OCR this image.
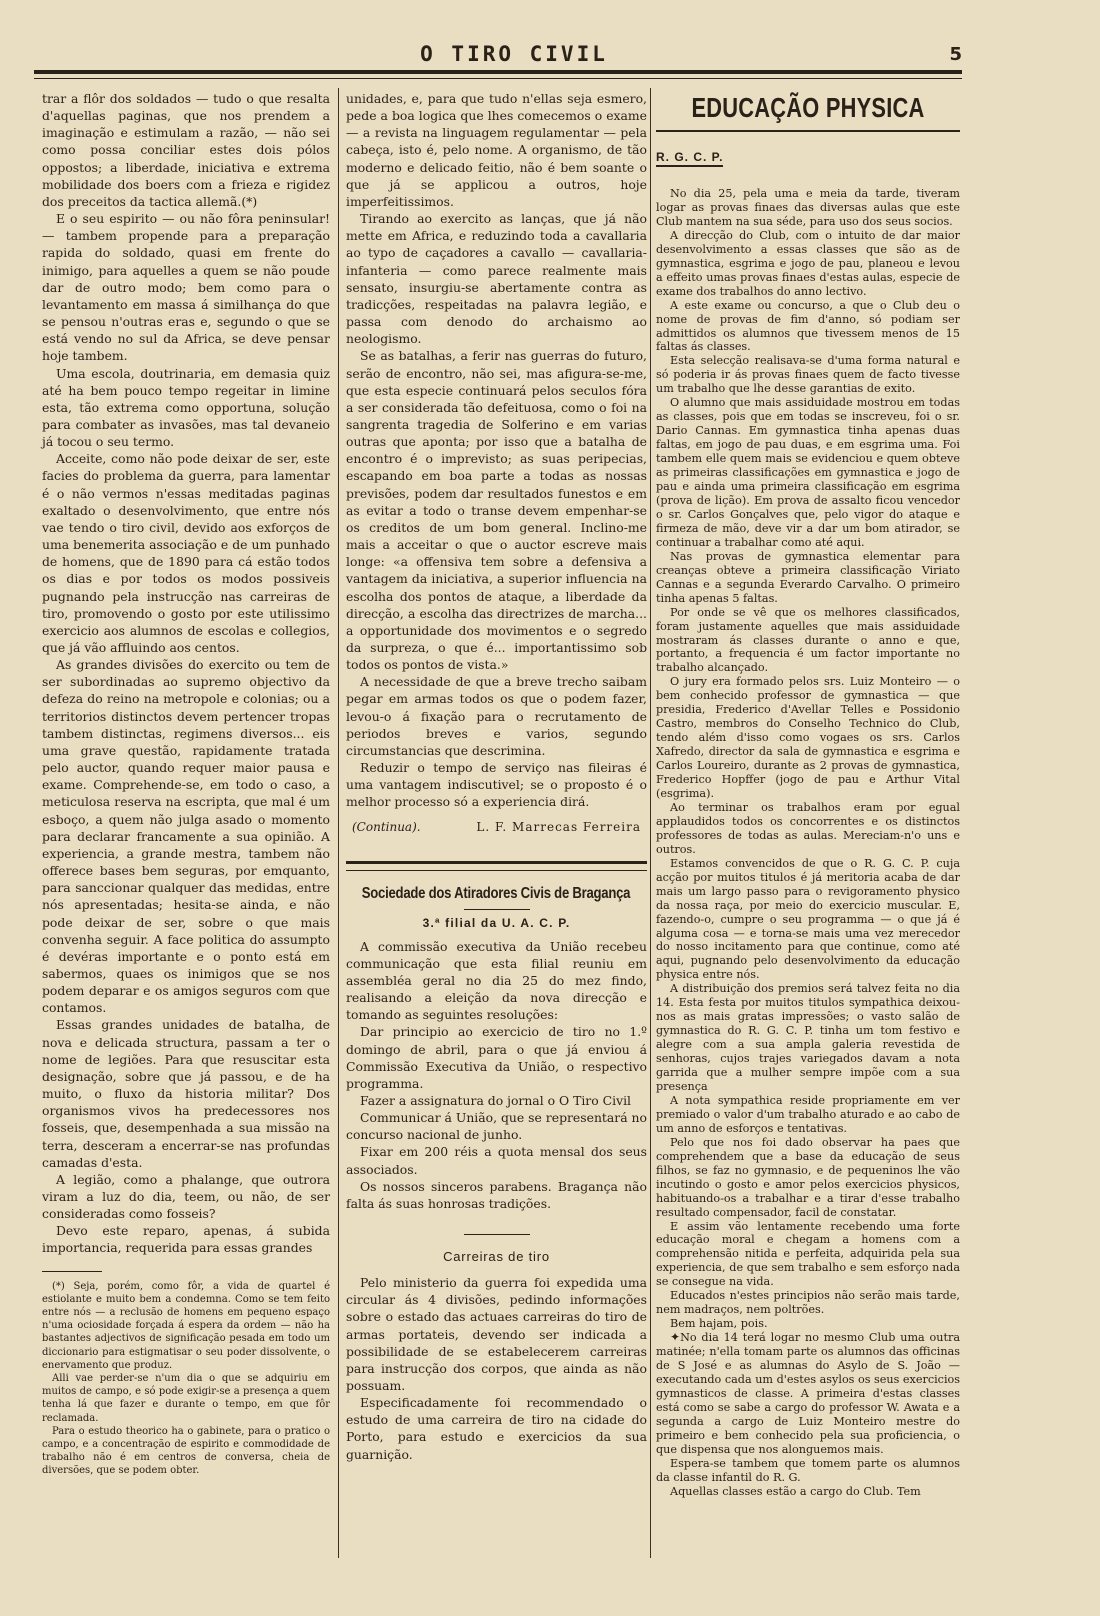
O TIRO CIVIL	5

trar a flôr dos soldados — tudo o que resalta d'aquellas paginas, que nos prendem a imaginação e estimulam a razão, — não sei como possa conciliar estes dois pólos oppostos; a liberdade, iniciativa e extrema mobilidade dos boers com a frieza e rigidez dos preceitos da tactica allemã.(*)

E o seu espirito — ou não fôra peninsular! — tambem propende para a preparação rapida do soldado, quasi em frente do inimigo, para aquelles a quem se não poude dar de outro modo; bem como para o levantamento em massa á similhança do que se pensou n'outras eras e, segundo o que se está vendo no sul da Africa, se deve pensar hoje tambem.

Uma escola, doutrinaria, em demasia quiz até ha bem pouco tempo regeitar in limine esta, tão extrema como opportuna, solução para combater as invasões, mas tal devaneio já tocou o seu termo.

Acceite, como não pode deixar de ser, este facies do problema da guerra, para lamentar é o não vermos n'essas meditadas paginas exaltado o desenvolvimento, que entre nós vae tendo o tiro civil, devido aos exforços de uma benemerita associação e de um punhado de homens, que de 1890 para cá estão todos os dias e por todos os modos possiveis pugnando pela instrucção nas carreiras de tiro, promovendo o gosto por este utilissimo exercicio aos alumnos de escolas e collegios, que já vão affluindo aos centos.

As grandes divisões do exercito ou tem de ser subordinadas ao supremo objectivo da defeza do reino na metropole e colonias; ou a territorios distinctos devem pertencer tropas tambem distinctas, regimens diversos... eis uma grave questão, rapidamente tratada pelo auctor, quando requer maior pausa e exame. Comprehende-se, em todo o caso, a meticulosa reserva na escripta, que mal é um esboço, a quem não julga asado o momento para declarar francamente a sua opinião. A experiencia, a grande mestra, tambem não offerece bases bem seguras, por emquanto, para sanccionar qualquer das medidas, entre nós apresentadas; hesita-se ainda, e não pode deixar de ser, sobre o que mais convenha seguir. A face politica do assumpto é devéras importante e o ponto está em sabermos, quaes os inimigos que se nos podem deparar e os amigos seguros com que contamos.

Essas grandes unidades de batalha, de nova e delicada structura, passam a ter o nome de legiões. Para que resuscitar esta designação, sobre que já passou, e de ha muito, o fluxo da historia militar? Dos organismos vivos ha predecessores nos fosseis, que, desempenhada a sua missão na terra, desceram a encerrar-se nas profundas camadas d'esta.

A legião, como a phalange, que outrora viram a luz do dia, teem, ou não, de ser consideradas como fosseis?

Devo este reparo, apenas, á subida importancia, requerida para essas grandes

(*) Seja, porém, como fôr, a vida de quartel é estiolante e muito bem a condemna. Como se tem feito entre nós — a reclusão de homens em pequeno espaço n'uma ociosidade forçada á espera da ordem — não ha bastantes adjectivos de significação pesada em todo um diccionario para estigmatisar o seu poder dissolvente, o enervamento que produz.

Alli vae perder-se n'um dia o que se adquiriu em muitos de campo, e só pode exigir-se a presença a quem tenha lá que fazer e durante o tempo, em que fôr reclamada.

Para o estudo theorico ha o gabinete, para o pratico o campo, e a concentração de espirito e commodidade de trabalho não é em centros de conversa, cheia de diversões, que se podem obter.

unidades, e, para que tudo n'ellas seja esmero, pede a boa logica que lhes comecemos o exame — a revista na linguagem regulamentar — pela cabeça, isto é, pelo nome. A organismo, de tão moderno e delicado feitio, não é bem soante o que já se applicou a outros, hoje imperfeitissimos.

Tirando ao exercito as lanças, que já não mette em Africa, e reduzindo toda a cavallaria ao typo de caçadores a cavallo — cavallaria-infanteria — como parece realmente mais sensato, insurgiu-se abertamente contra as tradicções, respeitadas na palavra legião, e passa com denodo do archaismo ao neologismo.

Se as batalhas, a ferir nas guerras do futuro, serão de encontro, não sei, mas afigura-se-me, que esta especie continuará pelos seculos fóra a ser considerada tão defeituosa, como o foi na sangrenta tragedia de Solferino e em varias outras que aponta; por isso que a batalha de encontro é o imprevisto; as suas peripecias, escapando em boa parte a todas as nossas previsões, podem dar resultados funestos e em as evitar a todo o transe devem empenhar-se os creditos de um bom general. Inclino-me mais a acceitar o que o auctor escreve mais longe: «a offensiva tem sobre a defensiva a vantagem da iniciativa, a superior influencia na escolha dos pontos de ataque, a liberdade da direcção, a escolha das directrizes de marcha... a opportunidade dos movimentos e o segredo da surpreza, o que é... importantissimo sob todos os pontos de vista.»

A necessidade de que a breve trecho saibam pegar em armas todos os que o podem fazer, levou-o á fixação para o recrutamento de periodos breves e varios, segundo circumstancias que descrimina.

Reduzir o tempo de serviço nas fileiras é uma vantagem indiscutivel; se o proposto é o melhor processo só a experiencia dirá.

(Continua).	L. F. Marrecas Ferreira
Sociedade dos Atiradores Civis de Bragança
3.ª filial da U. A. C. P.

A commissão executiva da União recebeu communicação que esta filial reuniu em assembléa geral no dia 25 do mez findo, realisando a eleição da nova direcção e tomando as seguintes resoluções:

Dar principio ao exercicio de tiro no 1.º domingo de abril, para o que já enviou á Commissão Executiva da União, o respectivo programma.

Fazer a assignatura do jornal o O Tiro Civil

Communicar á União, que se representará no concurso nacional de junho.

Fixar em 200 réis a quota mensal dos seus associados.

Os nossos sinceros parabens. Bragança não falta ás suas honrosas tradições.

Carreiras de tiro

Pelo ministerio da guerra foi expedida uma circular ás 4 divisões, pedindo informações sobre o estado das actuaes carreiras do tiro de armas portateis, devendo ser indicada a possibilidade de se estabelecerem carreiras para instrucção dos corpos, que ainda as não possuam.

Especificadamente foi recommendado o estudo de uma carreira de tiro na cidade do Porto, para estudo e exercicios da sua guarnição.

EDUCAÇÃO PHYSICA
R. G. C. P.

No dia 25, pela uma e meia da tarde, tiveram logar as provas finaes das diversas aulas que este Club mantem na sua séde, para uso dos seus socios.

A direcção do Club, com o intuito de dar maior desenvolvimento a essas classes que são as de gymnastica, esgrima e jogo de pau, planeou e levou a effeito umas provas finaes d'estas aulas, especie de exame dos trabalhos do anno lectivo.

A este exame ou concurso, a que o Club deu o nome de provas de fim d'anno, só podiam ser admittidos os alumnos que tivessem menos de 15 faltas ás classes.

Esta selecção realisava-se d'uma forma natural e só poderia ir ás provas finaes quem de facto tivesse um trabalho que lhe desse garantias de exito.

O alumno que mais assiduidade mostrou em todas as classes, pois que em todas se inscreveu, foi o sr. Dario Cannas. Em gymnastica tinha apenas duas faltas, em jogo de pau duas, e em esgrima uma. Foi tambem elle quem mais se evidenciou e quem obteve as primeiras classificações em gymnastica e jogo de pau e ainda uma primeira classificação em esgrima (prova de lição). Em prova de assalto ficou vencedor o sr. Carlos Gonçalves que, pelo vigor do ataque e firmeza de mão, deve vir a dar um bom atirador, se continuar a trabalhar como até aqui.

Nas provas de gymnastica elementar para creanças obteve a primeira classificação Viriato Cannas e a segunda Everardo Carvalho. O primeiro tinha apenas 5 faltas.

Por onde se vê que os melhores classificados, foram justamente aquelles que mais assiduidade mostraram ás classes durante o anno e que, portanto, a frequencia é um factor importante no trabalho alcançado.

O jury era formado pelos srs. Luiz Monteiro — o bem conhecido professor de gymnastica — que presidia, Frederico d'Avellar Telles e Possidonio Castro, membros do Conselho Technico do Club, tendo além d'isso como vogaes os srs. Carlos Xafredo, director da sala de gymnastica e esgrima e Carlos Loureiro, durante as 2 provas de gymnastica, Frederico Hopffer (jogo de pau e Arthur Vital (esgrima).

Ao terminar os trabalhos eram por egual applaudidos todos os concorrentes e os distinctos professores de todas as aulas. Mereciam-n'o uns e outros.

Estamos convencidos de que o R. G. C. P. cuja acção por muitos titulos é já meritoria acaba de dar mais um largo passo para o revigoramento physico da nossa raça, por meio do exercicio muscular. E, fazendo-o, cumpre o seu programma — o que já é alguma cosa — e torna-se mais uma vez merecedor do nosso incitamento para que continue, como até aqui, pugnando pelo desenvolvimento da educação physica entre nós.

A distribuição dos premios será talvez feita no dia 14. Esta festa por muitos titulos sympathica deixou-nos as mais gratas impressões; o vasto salão de gymnastica do R. G. C. P. tinha um tom festivo e alegre com a sua ampla galeria revestida de senhoras, cujos trajes variegados davam a nota garrida que a mulher sempre impõe com a sua presença

A nota sympathica reside propriamente em ver premiado o valor d'um trabalho aturado e ao cabo de um anno de esforços e tentativas.

Pelo que nos foi dado observar ha paes que comprehendem que a base da educação de seus filhos, se faz no gymnasio, e de pequeninos lhe vão incutindo o gosto e amor pelos exercicios physicos, habituando-os a trabalhar e a tirar d'esse trabalho resultado compensador, facil de constatar.

E assim vão lentamente recebendo uma forte educação moral e chegam a homens com a comprehensão nitida e perfeita, adquirida pela sua experiencia, de que sem trabalho e sem esforço nada se consegue na vida.

Educados n'estes principios não serão mais tarde, nem madraços, nem poltrões.

Bem hajam, pois.

✦No dia 14 terá logar no mesmo Club uma outra matinée; n'ella tomam parte os alumnos das officinas de S José e as alumnas do Asylo de S. João — executando cada um d'estes asylos os seus exercicios gymnasticos de classe. A primeira d'estas classes está como se sabe a cargo do professor W. Awata e a segunda a cargo de Luiz Monteiro mestre do primeiro e bem conhecido pela sua proficiencia, o que dispensa que nos alonguemos mais.

Espera-se tambem que tomem parte os alumnos da classe infantil do R. G.

Aquellas classes estão a cargo do Club. Tem
